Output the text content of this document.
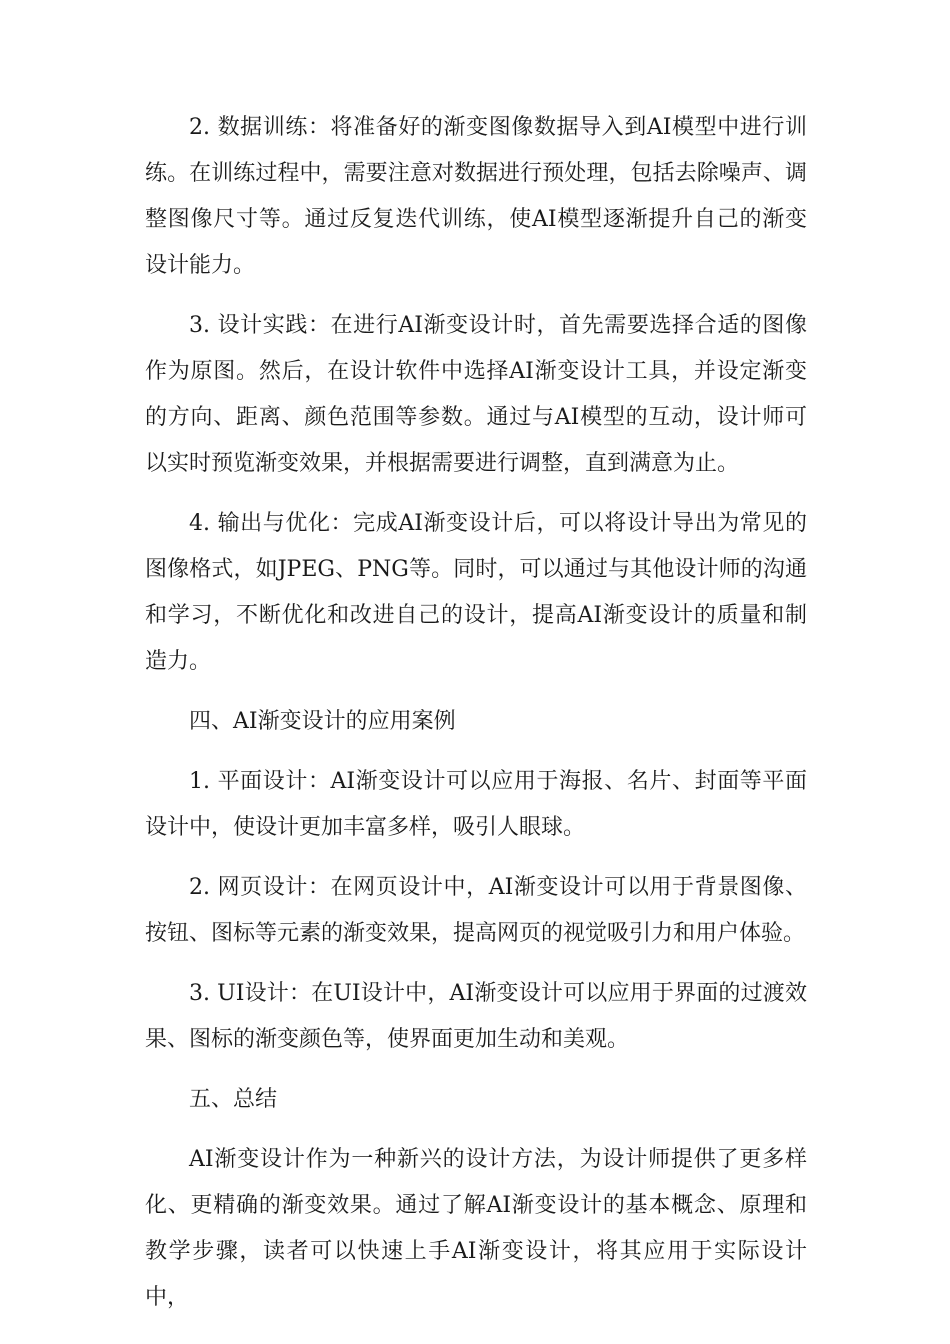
2. 数据训练：将准备好的渐变图像数据导入到AI模型中进行训练。在训练过程中，需要注意对数据进行预处理，包括去除噪声、调整图像尺寸等。通过反复迭代训练，使AI模型逐渐提升自己的渐变设计能力。

3. 设计实践：在进行AI渐变设计时，首先需要选择合适的图像作为原图。然后，在设计软件中选择AI渐变设计工具，并设定渐变的方向、距离、颜色范围等参数。通过与AI模型的互动，设计师可以实时预览渐变效果，并根据需要进行调整，直到满意为止。

4. 输出与优化：完成AI渐变设计后，可以将设计导出为常见的图像格式，如JPEG、PNG等。同时，可以通过与其他设计师的沟通和学习，不断优化和改进自己的设计，提高AI渐变设计的质量和制造力。

四、AI渐变设计的应用案例

1. 平面设计：AI渐变设计可以应用于海报、名片、封面等平面设计中，使设计更加丰富多样，吸引人眼球。

2. 网页设计：在网页设计中，AI渐变设计可以用于背景图像、按钮、图标等元素的渐变效果，提高网页的视觉吸引力和用户体验。

3. UI设计：在UI设计中，AI渐变设计可以应用于界面的过渡效果、图标的渐变颜色等，使界面更加生动和美观。

五、总结

AI渐变设计作为一种新兴的设计方法，为设计师提供了更多样化、更精确的渐变效果。通过了解AI渐变设计的基本概念、原理和教学步骤，读者可以快速上手AI渐变设计，将其应用于实际设计中，
